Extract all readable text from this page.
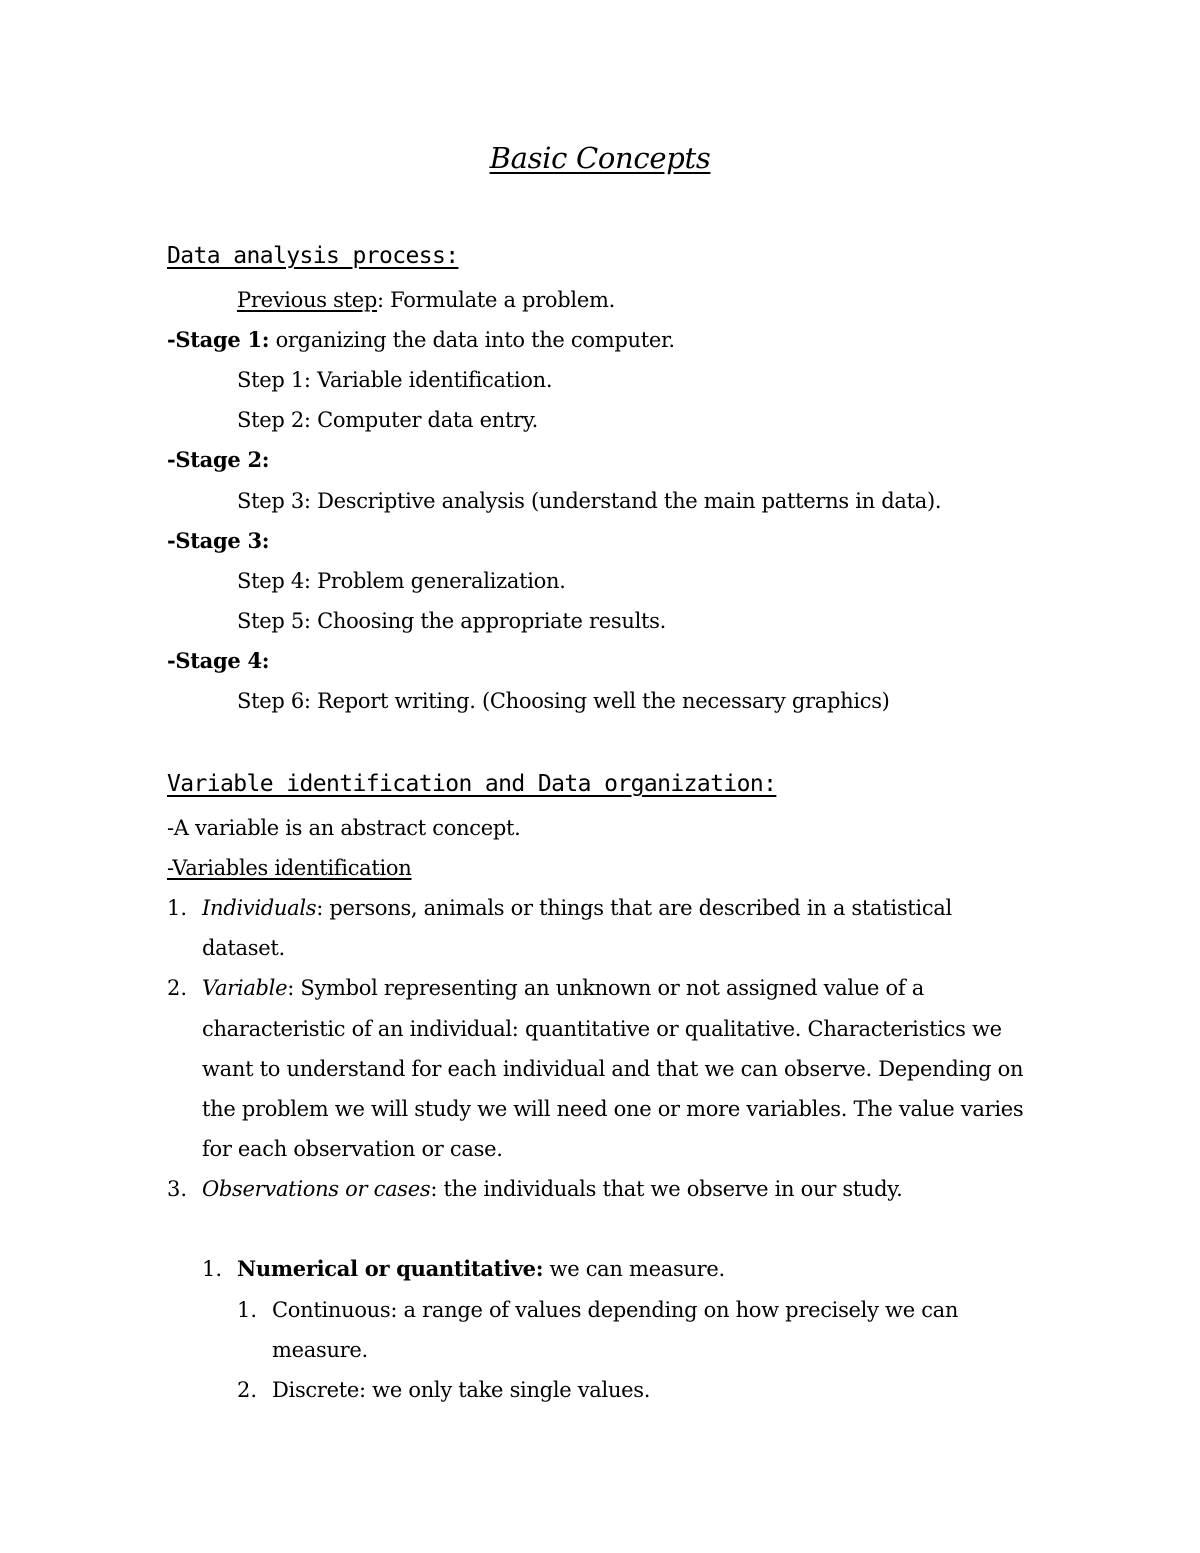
Basic Concepts
Data analysis process:
Previous step: Formulate a problem.
-Stage 1: organizing the data into the computer.
Step 1: Variable identification.
Step 2: Computer data entry.
-Stage 2:
Step 3: Descriptive analysis (understand the main patterns in data).
-Stage 3:
Step 4: Problem generalization.
Step 5: Choosing the appropriate results.
-Stage 4:
Step 6: Report writing. (Choosing well the necessary graphics)
Variable identification and Data organization:
-A variable is an abstract concept.
-Variables identification
1. Individuals: persons, animals or things that are described in a statistical
dataset.
2. Variable: Symbol representing an unknown or not assigned value of a
characteristic of an individual: quantitative or qualitative. Characteristics we
want to understand for each individual and that we can observe. Depending on
the problem we will study we will need one or more variables. The value varies
for each observation or case.
3. Observations or cases: the individuals that we observe in our study.
1. Numerical or quantitative: we can measure.
1. Continuous: a range of values depending on how precisely we can
measure.
2. Discrete: we only take single values.
